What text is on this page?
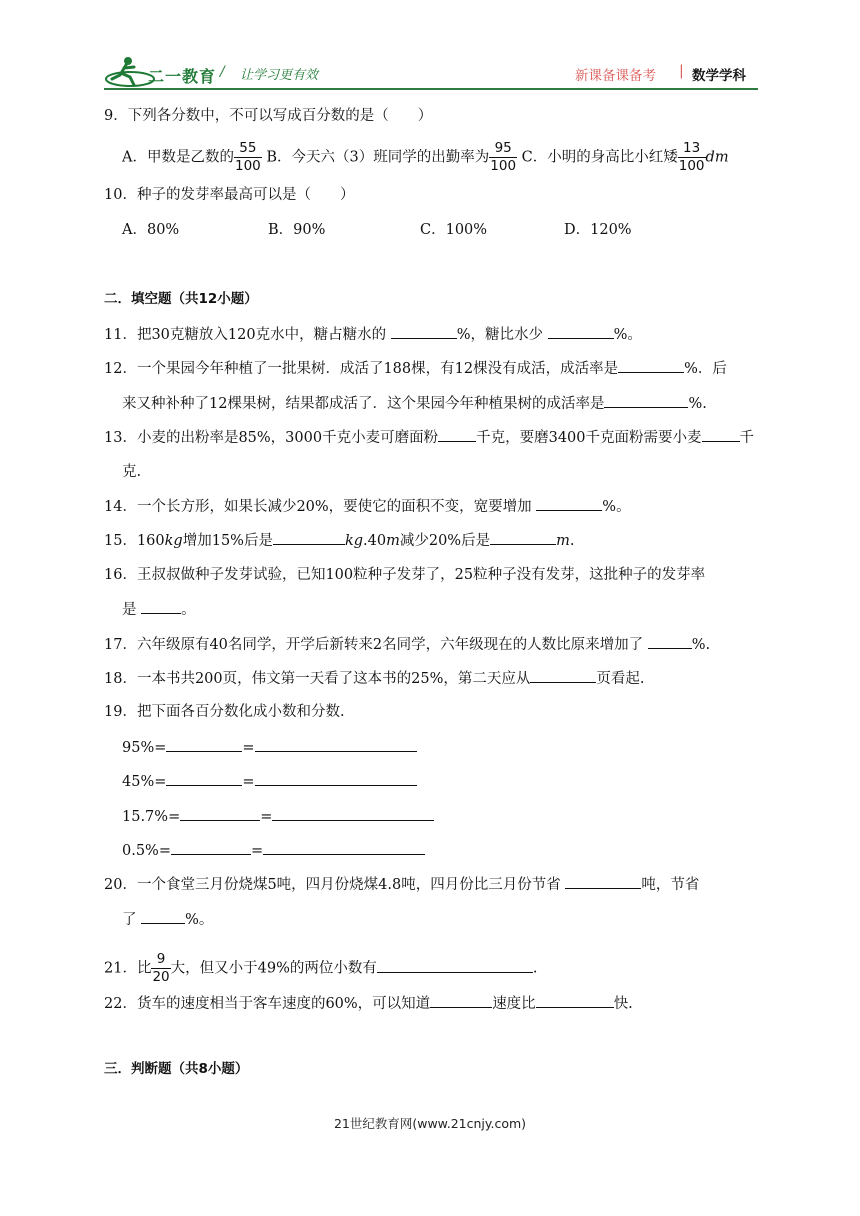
二一教育 / 让学习更有效	新课备课备考 | 数学学科
9．下列各分数中，不可以写成百分数的是（　　）
A．甲数是乙数的 $\frac{55}{100}$ B．今天六（3）班同学的出勤率为 $\frac{95}{100}$ C．小明的身高比小红矮 $\frac{13}{100}$ dm
10．种子的发芽率最高可以是（　　）
A．80%	B．90%	C．100%	D．120%
二．填空题（共12小题）
11．把30克糖放入120克水中，糖占糖水的	%，糖比水少	%。
12．一个果园今年种植了一批果树．成活了188棵，有12棵没有成活，成活率是	%．后
来又种补种了12棵果树，结果都成活了．这个果园今年种植果树的成活率是	%.
13．小麦的出粉率是85%，3000千克小麦可磨面粉	千克，要磨3400千克面粉需要小麦	千
克.
14．一个长方形，如果长减少20%，要使它的面积不变，宽要增加	%。
15．160kg增加15%后是	kg.40m减少20%后是	m.
16．王叔叔做种子发芽试验，已知100粒种子发芽了，25粒种子没有发芽，这批种子的发芽率
是	。
17．六年级原有40名同学，开学后新转来2名同学，六年级现在的人数比原来增加了	%.
18．一本书共200页，伟文第一天看了这本书的25%，第二天应从	页看起.
19．把下面各百分数化成小数和分数.
95%=	=
45%=	=
15.7%=	=
0.5%=	=
20．一个食堂三月份烧煤5吨，四月份烧煤4.8吨，四月份比三月份节省	吨，节省
了	%。
21．比 $\frac{9}{20}$ 大，但又小于49%的两位小数有	.
22．货车的速度相当于客车速度的60%，可以知道	速度比	快.
三．判断题（共8小题）
21世纪教育网(www.21cnjy.com)
